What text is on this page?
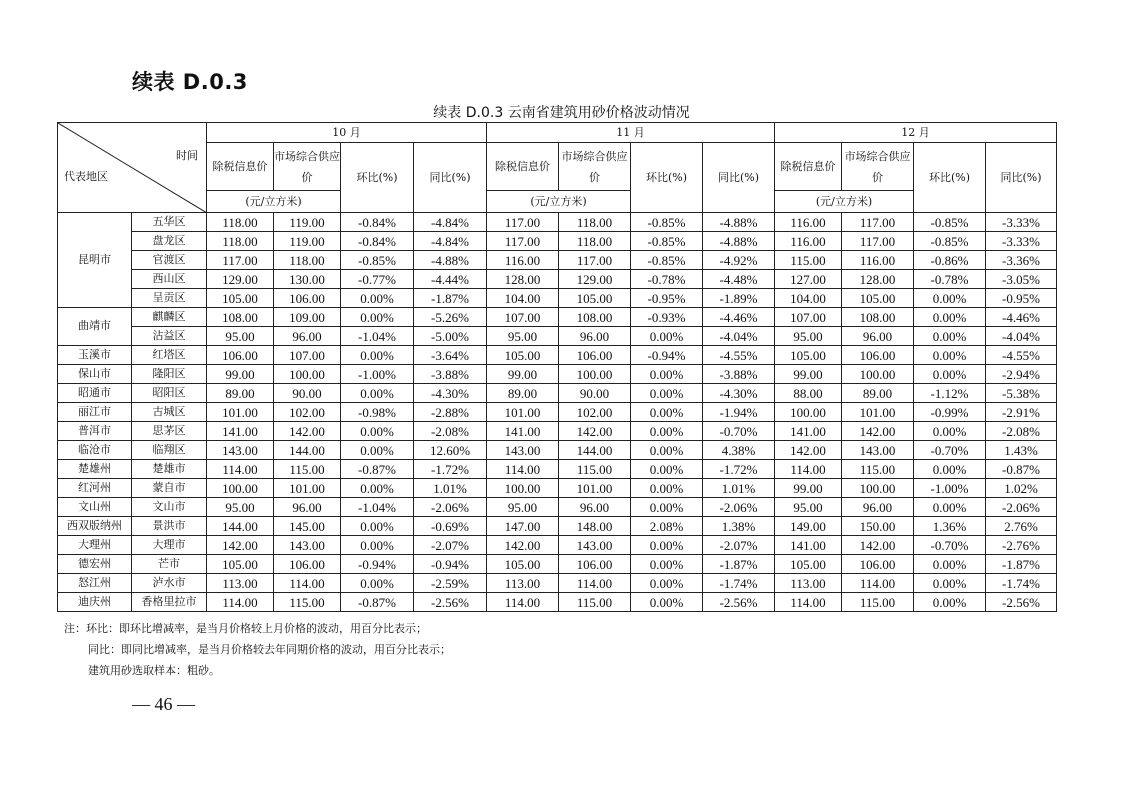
续表 D.0.3
续表 D.0.3 云南省建筑用砂价格波动情况
时间
代表地区		10 月				11 月				12 月			
		除税信息价	市场综合供应价	环比(%)	同比(%)	除税信息价	市场综合供应价	环比(%)	同比(%)	除税信息价	市场综合供应价	环比(%)	同比(%)
		(元/立方米)				(元/立方米)				(元/立方米)			
昆明市	五华区	118.00	119.00	-0.84%	-4.84%	117.00	118.00	-0.85%	-4.88%	116.00	117.00	-0.85%	-3.33%
	盘龙区	118.00	119.00	-0.84%	-4.84%	117.00	118.00	-0.85%	-4.88%	116.00	117.00	-0.85%	-3.33%
	官渡区	117.00	118.00	-0.85%	-4.88%	116.00	117.00	-0.85%	-4.92%	115.00	116.00	-0.86%	-3.36%
	西山区	129.00	130.00	-0.77%	-4.44%	128.00	129.00	-0.78%	-4.48%	127.00	128.00	-0.78%	-3.05%
	呈贡区	105.00	106.00	0.00%	-1.87%	104.00	105.00	-0.95%	-1.89%	104.00	105.00	0.00%	-0.95%
曲靖市	麒麟区	108.00	109.00	0.00%	-5.26%	107.00	108.00	-0.93%	-4.46%	107.00	108.00	0.00%	-4.46%
	沾益区	95.00	96.00	-1.04%	-5.00%	95.00	96.00	0.00%	-4.04%	95.00	96.00	0.00%	-4.04%
玉溪市	红塔区	106.00	107.00	0.00%	-3.64%	105.00	106.00	-0.94%	-4.55%	105.00	106.00	0.00%	-4.55%
保山市	隆阳区	99.00	100.00	-1.00%	-3.88%	99.00	100.00	0.00%	-3.88%	99.00	100.00	0.00%	-2.94%
昭通市	昭阳区	89.00	90.00	0.00%	-4.30%	89.00	90.00	0.00%	-4.30%	88.00	89.00	-1.12%	-5.38%
丽江市	古城区	101.00	102.00	-0.98%	-2.88%	101.00	102.00	0.00%	-1.94%	100.00	101.00	-0.99%	-2.91%
普洱市	思茅区	141.00	142.00	0.00%	-2.08%	141.00	142.00	0.00%	-0.70%	141.00	142.00	0.00%	-2.08%
临沧市	临翔区	143.00	144.00	0.00%	12.60%	143.00	144.00	0.00%	4.38%	142.00	143.00	-0.70%	1.43%
楚雄州	楚雄市	114.00	115.00	-0.87%	-1.72%	114.00	115.00	0.00%	-1.72%	114.00	115.00	0.00%	-0.87%
红河州	蒙自市	100.00	101.00	0.00%	1.01%	100.00	101.00	0.00%	1.01%	99.00	100.00	-1.00%	1.02%
文山州	文山市	95.00	96.00	-1.04%	-2.06%	95.00	96.00	0.00%	-2.06%	95.00	96.00	0.00%	-2.06%
西双版纳州	景洪市	144.00	145.00	0.00%	-0.69%	147.00	148.00	2.08%	1.38%	149.00	150.00	1.36%	2.76%
大理州	大理市	142.00	143.00	0.00%	-2.07%	142.00	143.00	0.00%	-2.07%	141.00	142.00	-0.70%	-2.76%
德宏州	芒市	105.00	106.00	-0.94%	-0.94%	105.00	106.00	0.00%	-1.87%	105.00	106.00	0.00%	-1.87%
怒江州	泸水市	113.00	114.00	0.00%	-2.59%	113.00	114.00	0.00%	-1.74%	113.00	114.00	0.00%	-1.74%
迪庆州	香格里拉市	114.00	115.00	-0.87%	-2.56%	114.00	115.00	0.00%	-2.56%	114.00	115.00	0.00%	-2.56%
注：环比：即环比增减率，是当月价格较上月价格的波动，用百分比表示；
同比：即同比增减率，是当月价格较去年同期价格的波动，用百分比表示；
建筑用砂选取样本：粗砂。
— 46 —
